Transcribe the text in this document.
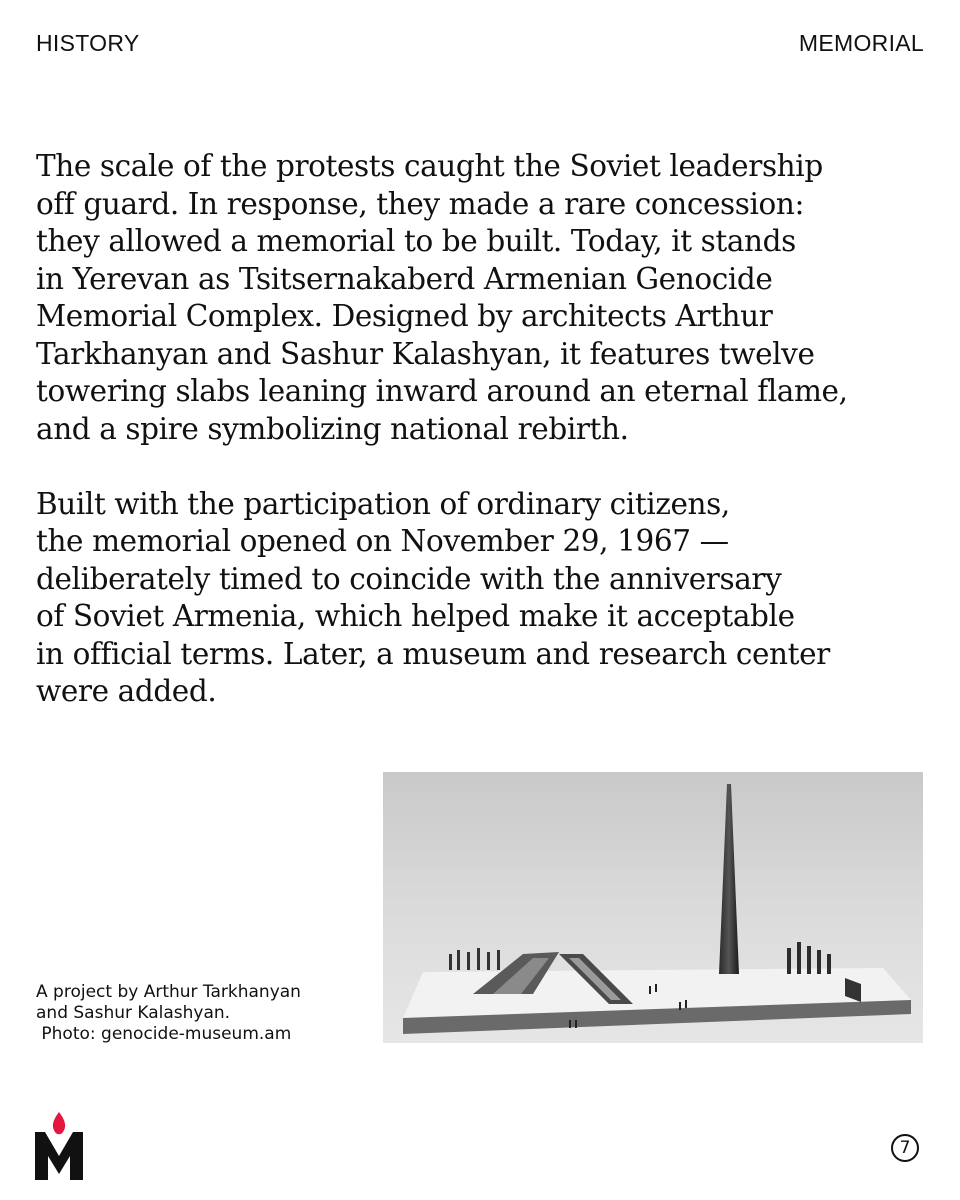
HISTORY	MEMORIAL

The scale of the protests caught the Soviet leadership
off guard. In response, they made a rare concession:
they allowed a memorial to be built. Today, it stands
in Yerevan as Tsitsernakaberd Armenian Genocide
Memorial Complex. Designed by architects Arthur
Tarkhanyan and Sashur Kalashyan, it features twelve
towering slabs leaning inward around an eternal flame,
and a spire symbolizing national rebirth.

Built with the participation of ordinary citizens,
the memorial opened on November 29, 1967 —
deliberately timed to coincide with the anniversary
of Soviet Armenia, which helped make it acceptable
in official terms. Later, a museum and research center
were added.

A project by Arthur Tarkhanyan
and Sashur Kalashyan.
Photo: genocide-museum.am
7
